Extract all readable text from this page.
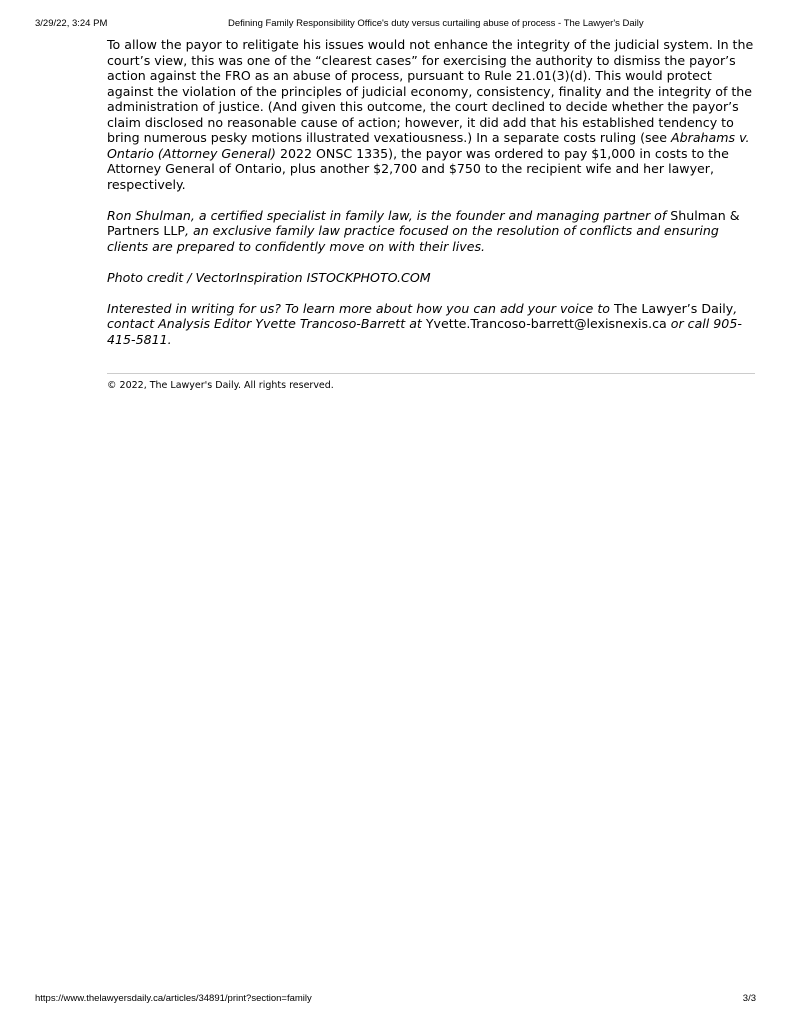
3/29/22, 3:24 PM	Defining Family Responsibility Office's duty versus curtailing abuse of process - The Lawyer's Daily

To allow the payor to relitigate his issues would not enhance the integrity of the judicial system. In the court’s view, this was one of the “clearest cases” for exercising the authority to dismiss the payor’s action against the FRO as an abuse of process, pursuant to Rule 21.01(3)(d). This would protect against the violation of the principles of judicial economy, consistency, finality and the integrity of the administration of justice. (And given this outcome, the court declined to decide whether the payor’s claim disclosed no reasonable cause of action; however, it did add that his established tendency to bring numerous pesky motions illustrated vexatiousness.) In a separate costs ruling (see Abrahams v. Ontario (Attorney General) 2022 ONSC 1335), the payor was ordered to pay $1,000 in costs to the Attorney General of Ontario, plus another $2,700 and $750 to the recipient wife and her lawyer, respectively.

Ron Shulman, a certified specialist in family law, is the founder and managing partner of Shulman & Partners LLP, an exclusive family law practice focused on the resolution of conflicts and ensuring clients are prepared to confidently move on with their lives.

Photo credit / VectorInspiration ISTOCKPHOTO.COM

Interested in writing for us? To learn more about how you can add your voice to The Lawyer’s Daily, contact Analysis Editor Yvette Trancoso-Barrett at Yvette.Trancoso-barrett@lexisnexis.ca or call 905-415-5811.

© 2022, The Lawyer's Daily. All rights reserved.
https://www.thelawyersdaily.ca/articles/34891/print?section=family	3/3
